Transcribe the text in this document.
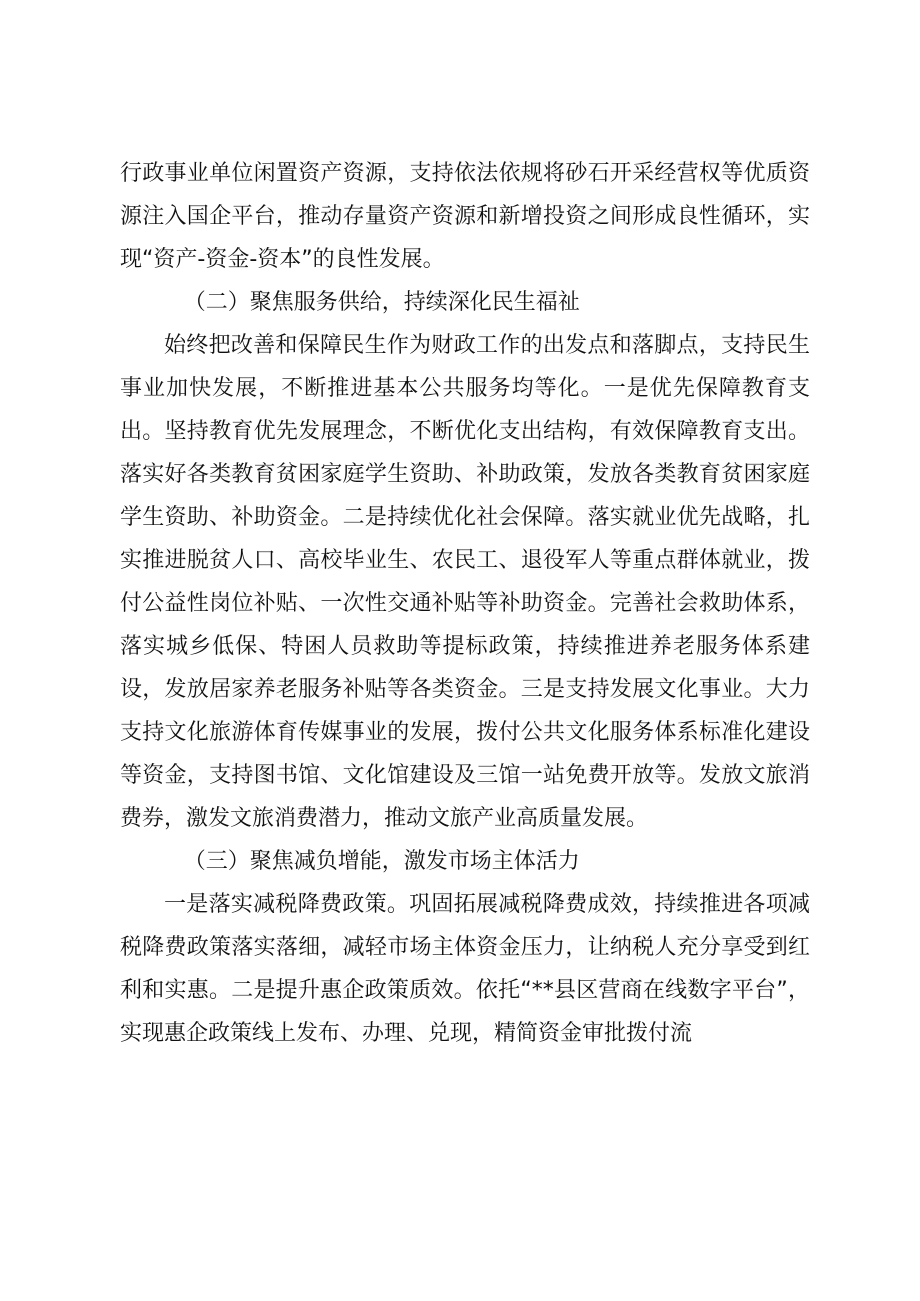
行政事业单位闲置资产资源，支持依法依规将砂石开采经营权等优质资源注入国企平台，推动存量资产资源和新增投资之间形成良性循环，实现“资产-资金-资本”的良性发展。

（二）聚焦服务供给，持续深化民生福祉

始终把改善和保障民生作为财政工作的出发点和落脚点，支持民生事业加快发展，不断推进基本公共服务均等化。一是优先保障教育支出。坚持教育优先发展理念，不断优化支出结构，有效保障教育支出。落实好各类教育贫困家庭学生资助、补助政策，发放各类教育贫困家庭学生资助、补助资金。二是持续优化社会保障。落实就业优先战略，扎实推进脱贫人口、高校毕业生、农民工、退役军人等重点群体就业，拨付公益性岗位补贴、一次性交通补贴等补助资金。完善社会救助体系，落实城乡低保、特困人员救助等提标政策，持续推进养老服务体系建设，发放居家养老服务补贴等各类资金。三是支持发展文化事业。大力支持文化旅游体育传媒事业的发展，拨付公共文化服务体系标准化建设等资金，支持图书馆、文化馆建设及三馆一站免费开放等。发放文旅消费券，激发文旅消费潜力，推动文旅产业高质量发展。

（三）聚焦减负增能，激发市场主体活力

一是落实减税降费政策。巩固拓展减税降费成效，持续推进各项减税降费政策落实落细，减轻市场主体资金压力，让纳税人充分享受到红利和实惠。二是提升惠企政策质效。依托“**县区营商在线数字平台”，实现惠企政策线上发布、办理、兑现，精简资金审批拨付流
